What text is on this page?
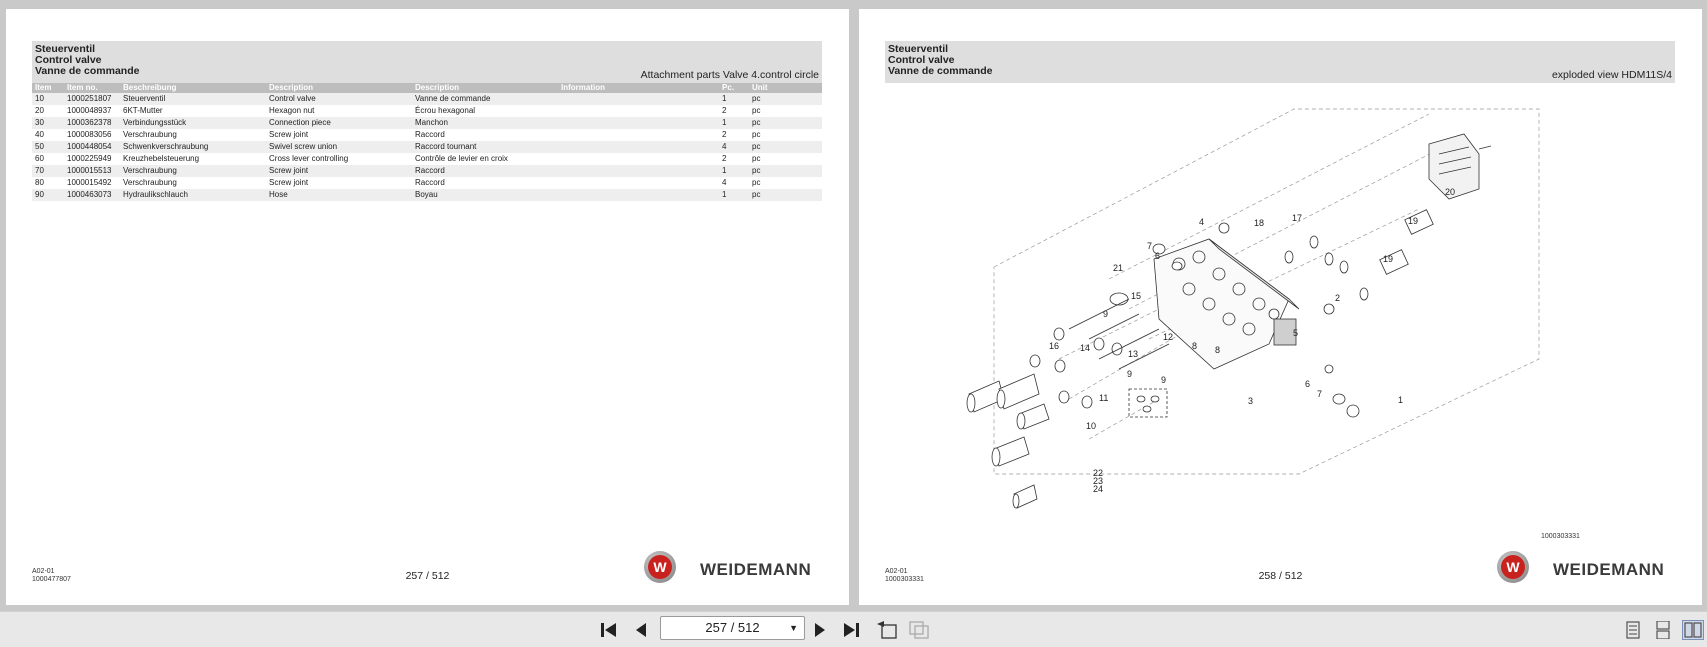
Steuerventil
Control valve
Vanne de commande	Attachment parts Valve 4.control circle
Item	Item no.	Beschreibung	Description	Description	Information	Pc.	Unit
10	1000251807	Steuerventil	Control valve	Vanne de commande		1	pc
20	1000048937	6KT-Mutter	Hexagon nut	Écrou hexagonal		2	pc
30	1000362378	Verbindungsstück	Connection piece	Manchon		1	pc
40	1000083056	Verschraubung	Screw joint	Raccord		2	pc
50	1000448054	Schwenkverschraubung	Swivel screw union	Raccord tournant		4	pc
60	1000225949	Kreuzhebelsteuerung	Cross lever controlling	Contrôle de levier en croix		2	pc
70	1000015513	Verschraubung	Screw joint	Raccord		1	pc
80	1000015492	Verschraubung	Screw joint	Raccord		4	pc
90	1000463073	Hydraulikschlauch	Hose	Boyau		1	pc
A02-01
1000477807	257 / 512
W	WEIDEMANN
Steuerventil
Control valve
Vanne de commande	exploded view HDM11S/4
20
19
19
18	17
4
7
6
21
15	2
9
12
16 14
13
8 8
5
9
9
11
10
6
7
3	1
22
23
24
1000303331
A02-01
1000303331	258 / 512
W	WEIDEMANN
257 / 512	▼
